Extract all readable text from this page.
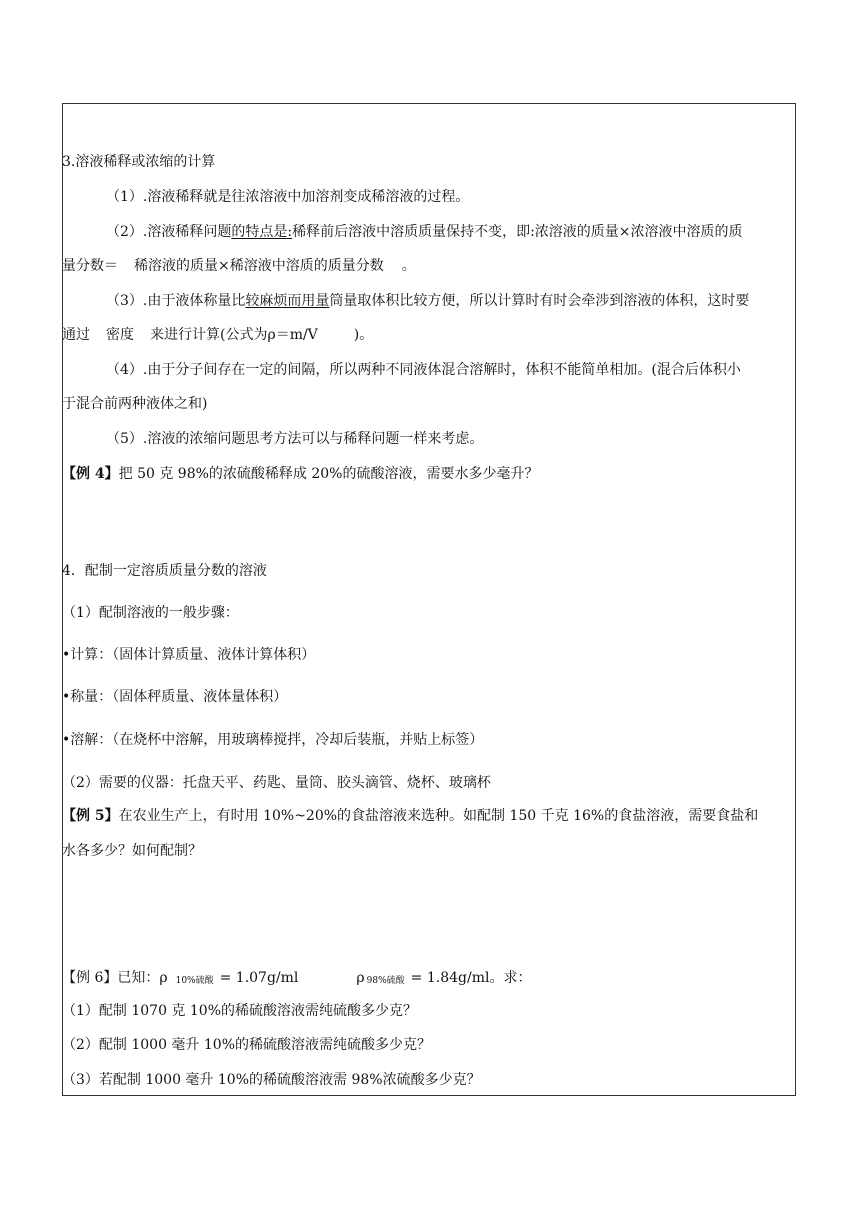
3.溶液稀释或浓缩的计算
（1）.溶液稀释就是往浓溶液中加溶剂变成稀溶液的过程。
（2）.溶液稀释问题的特点是:稀释前后溶液中溶质质量保持不变，即:浓溶液的质量×浓溶液中溶质的质
量分数＝ 稀溶液的质量×稀溶液中溶质的质量分数 。
（3）.由于液体称量比较麻烦而用量筒量取体积比较方便，所以计算时有时会牵涉到溶液的体积，这时要
通过 密度 来进行计算(公式为ρ＝m/V	)。
（4）.由于分子间存在一定的间隔，所以两种不同液体混合溶解时，体积不能简单相加。(混合后体积小
于混合前两种液体之和)
（5）.溶液的浓缩问题思考方法可以与稀释问题一样来考虑。
【例 4】把 50 克 98%的浓硫酸稀释成 20%的硫酸溶液，需要水多少毫升？
4．配制一定溶质质量分数的溶液
（1）配制溶液的一般步骤：
•计算：（固体计算质量、液体计算体积）
•称量：（固体秤质量、液体量体积）
•溶解：（在烧杯中溶解，用玻璃棒搅拌，冷却后装瓶，并贴上标签）
（2）需要的仪器：托盘天平、药匙、量筒、胶头滴管、烧杯、玻璃杯
【例 5】在农业生产上，有时用 10%~20%的食盐溶液来选种。如配制 150 千克 16%的食盐溶液，需要食盐和
水各多少？如何配制？
【例 6】已知：ρ 10%硫酸 = 1.07g/ml	ρ 98%硫酸 = 1.84g/ml。求：
（1）配制 1070 克 10%的稀硫酸溶液需纯硫酸多少克？
（2）配制 1000 毫升 10%的稀硫酸溶液需纯硫酸多少克？
（3）若配制 1000 毫升 10%的稀硫酸溶液需 98%浓硫酸多少克？
